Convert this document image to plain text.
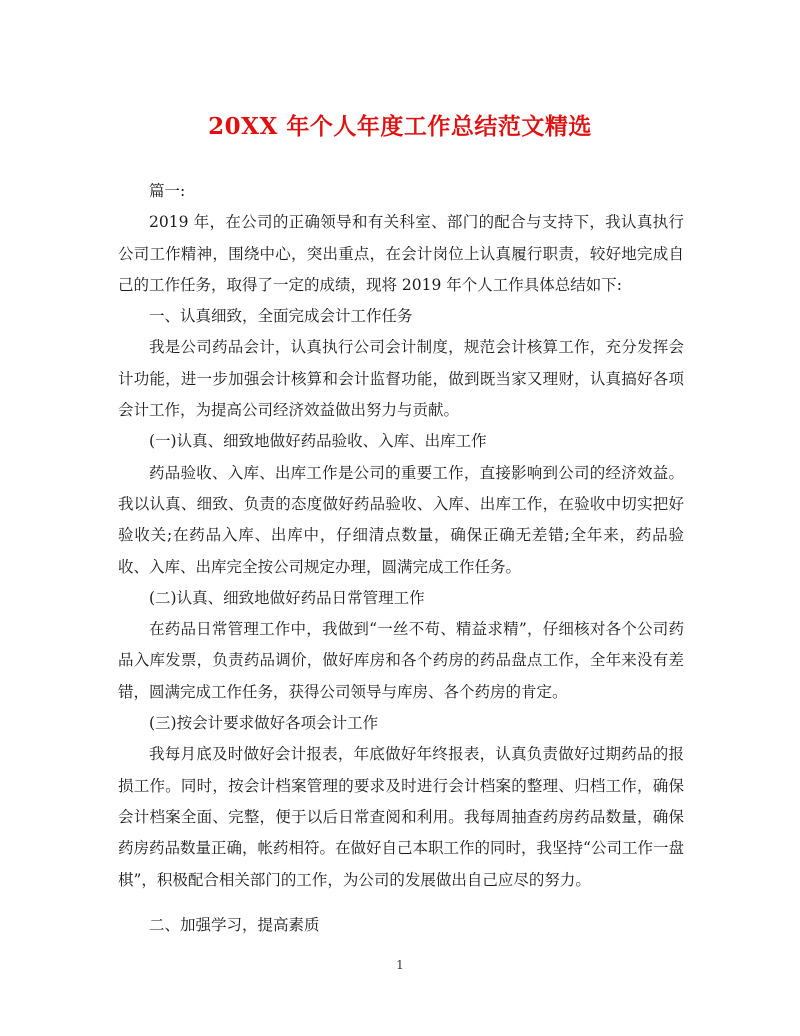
20XX 年个人年度工作总结范文精选

篇一:

2019 年，在公司的正确领导和有关科室、部门的配合与支持下，我认真执行公司工作精神，围绕中心，突出重点，在会计岗位上认真履行职责，较好地完成自己的工作任务，取得了一定的成绩，现将 2019 年个人工作具体总结如下:

一、认真细致，全面完成会计工作任务

我是公司药品会计，认真执行公司会计制度，规范会计核算工作，充分发挥会计功能，进一步加强会计核算和会计监督功能，做到既当家又理财，认真搞好各项会计工作，为提高公司经济效益做出努力与贡献。

(一)认真、细致地做好药品验收、入库、出库工作

药品验收、入库、出库工作是公司的重要工作，直接影响到公司的经济效益。我以认真、细致、负责的态度做好药品验收、入库、出库工作，在验收中切实把好验收关;在药品入库、出库中，仔细清点数量，确保正确无差错;全年来，药品验收、入库、出库完全按公司规定办理，圆满完成工作任务。

(二)认真、细致地做好药品日常管理工作

在药品日常管理工作中，我做到“一丝不苟、精益求精”，仔细核对各个公司药品入库发票，负责药品调价，做好库房和各个药房的药品盘点工作，全年来没有差错，圆满完成工作任务，获得公司领导与库房、各个药房的肯定。

(三)按会计要求做好各项会计工作

我每月底及时做好会计报表，年底做好年终报表，认真负责做好过期药品的报损工作。同时，按会计档案管理的要求及时进行会计档案的整理、归档工作，确保会计档案全面、完整，便于以后日常查阅和利用。我每周抽查药房药品数量，确保药房药品数量正确，帐药相符。在做好自己本职工作的同时，我坚持“公司工作一盘棋”，积极配合相关部门的工作，为公司的发展做出自己应尽的努力。

二、加强学习，提高素质

1
